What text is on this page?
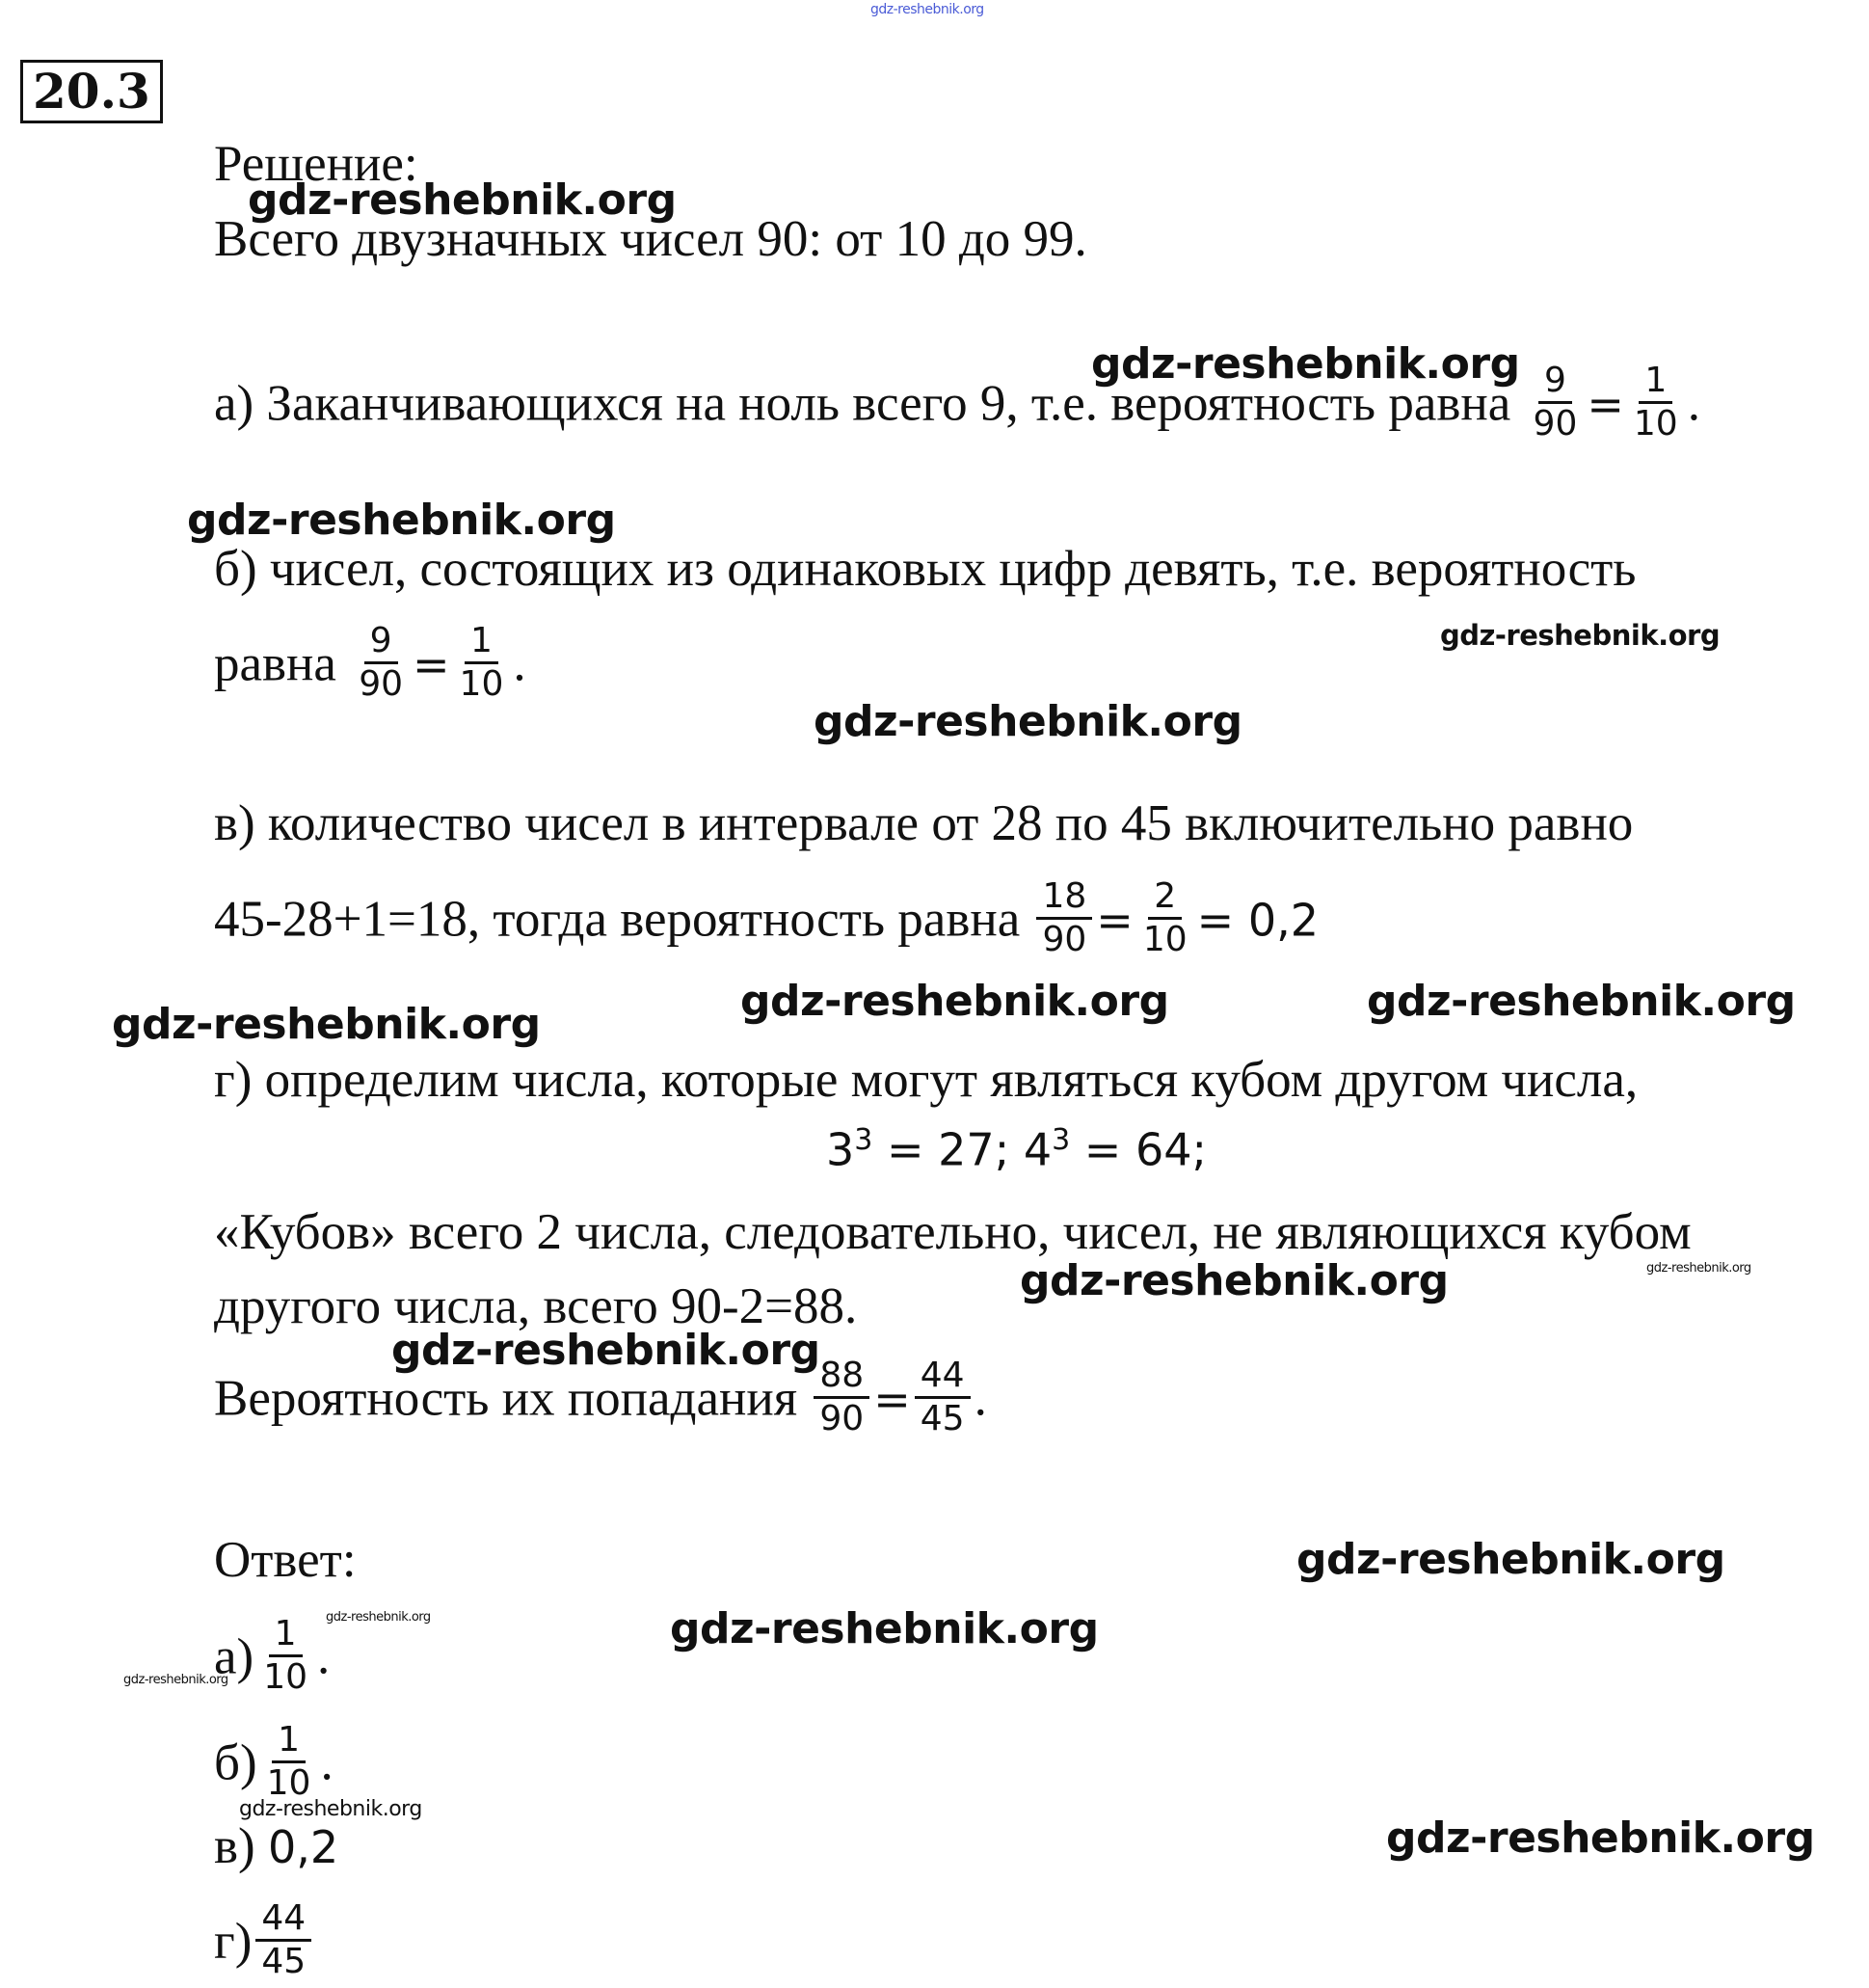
gdz-reshebnik.org
20.3
Решение:
Всего двузначных чисел 90: от 10 до 99.
а) Заканчивающихся на ноль всего 9, т.е. вероятность равна $\frac{9}{90} = \frac{1}{10}$ .
б) чисел, состоящих из одинаковых цифр девять, т.е. вероятность
равна $\frac{9}{90} = \frac{1}{10}$ .
в) количество чисел в интервале от 28 по 45 включительно равно
45-28+1=18, тогда вероятность равна $\frac{18}{90} = \frac{2}{10} = 0,2$
г) определим числа, которые могут являться кубом другом числа,
$3^3 = 27$; $4^3 = 64$;
«Кубов» всего 2 числа, следовательно, чисел, не являющихся кубом
другого числа, всего 90-2=88.
Вероятность их попадания $\frac{88}{90} = \frac{44}{45}$ .
Ответ:
$а) \frac{1}{10}$ .
$б) \frac{1}{10}$ .
в) 0,2
$г) \frac{44}{45}$
gdz-reshebnik.org
gdz-reshebnik.org
gdz-reshebnik.org
gdz-reshebnik.org
gdz-reshebnik.org
gdz-reshebnik.org	gdz-reshebnik.org
gdz-reshebnik.org
gdz-reshebnik.org	gdz-reshebnik.org
gdz-reshebnik.org
gdz-reshebnik.org
gdz-reshebnik.org
gdz-reshebnik.org
gdz-reshebnik.org
gdz-reshebnik.org
gdz-reshebnik.org
